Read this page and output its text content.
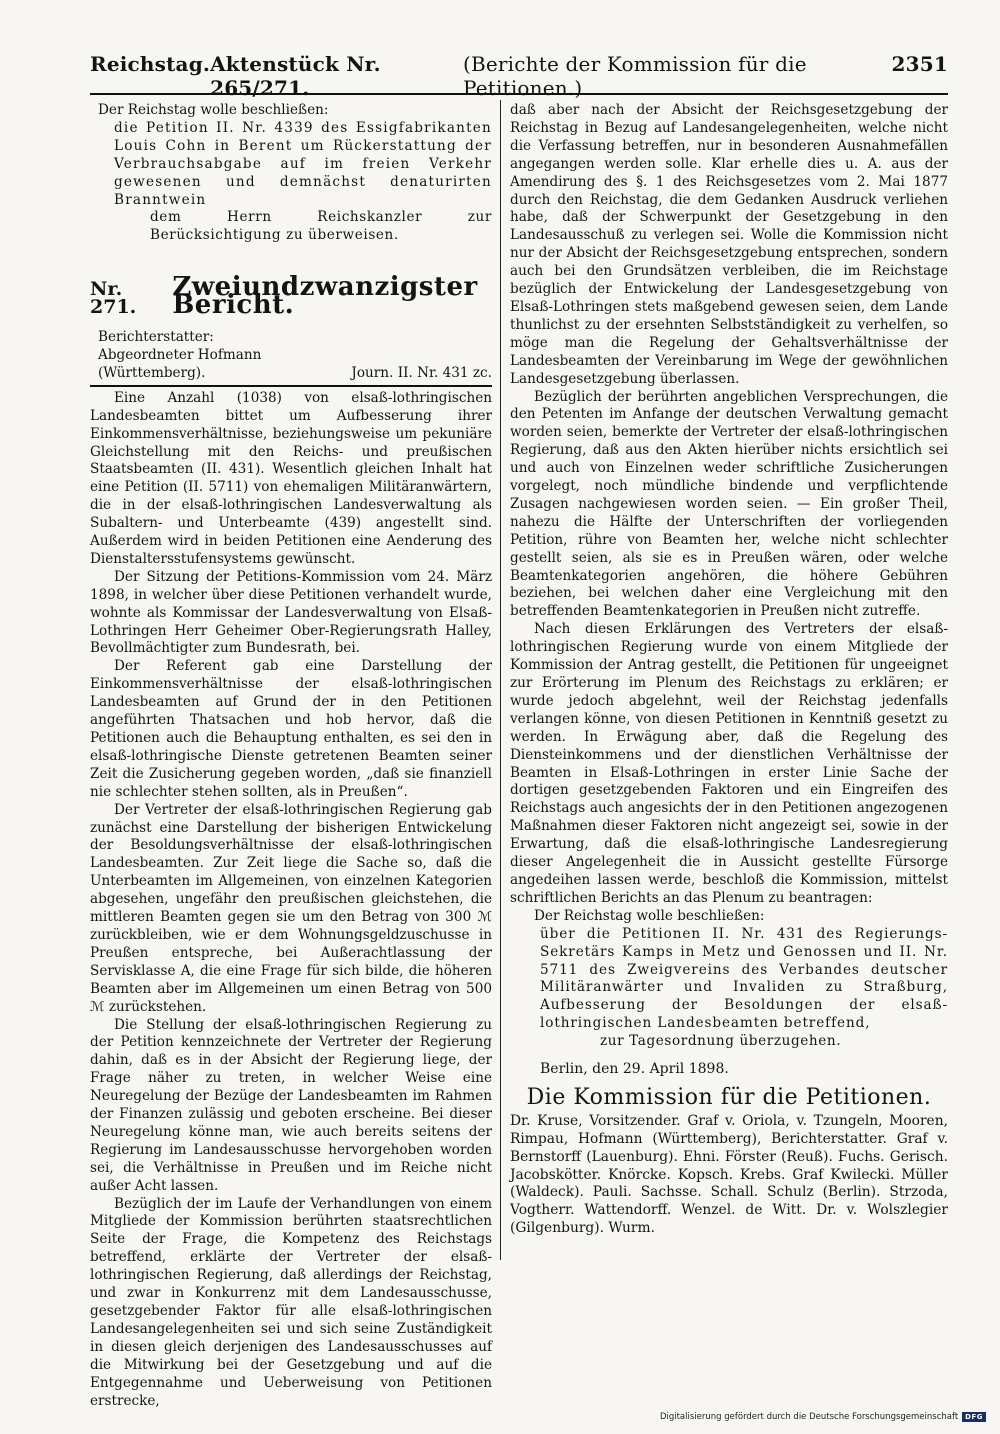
Reichstag. Aktenstück Nr. 265/271.
(Berichte der Kommission für die Petitionen.)
2351

Der Reichstag wolle beschließen:

die Petition II. Nr. 4339 des Essigfabrikanten Louis Cohn in Berent um Rückerstattung der Verbrauchsabgabe auf im freien Verkehr gewesenen und demnächst denaturirten Branntwein

dem Herrn Reichskanzler zur Berücksichtigung zu überweisen.

Nr. 271.
Zweiundzwanzigster Bericht.

Berichterstatter:

Abgeordneter Hofmann

(Württemberg).	Journ. II. Nr. 431 zc.

Eine Anzahl (1038) von elsaß-lothringischen Landesbeamten bittet um Aufbesserung ihrer Einkommensverhältnisse, beziehungsweise um pekuniäre Gleichstellung mit den Reichs- und preußischen Staatsbeamten (II. 431). Wesentlich gleichen Inhalt hat eine Petition (II. 5711) von ehemaligen Militäranwärtern, die in der elsaß-lothringischen Landesverwaltung als Subaltern- und Unterbeamte (439) angestellt sind. Außerdem wird in beiden Petitionen eine Aenderung des Dienstaltersstufensystems gewünscht.

Der Sitzung der Petitions-Kommission vom 24. März 1898, in welcher über diese Petitionen verhandelt wurde, wohnte als Kommissar der Landesverwaltung von Elsaß-Lothringen Herr Geheimer Ober-Regierungsrath Halley, Bevollmächtigter zum Bundesrath, bei.

Der Referent gab eine Darstellung der Einkommensverhältnisse der elsaß-lothringischen Landesbeamten auf Grund der in den Petitionen angeführten Thatsachen und hob hervor, daß die Petitionen auch die Behauptung enthalten, es sei den in elsaß-lothringische Dienste getretenen Beamten seiner Zeit die Zusicherung gegeben worden, „daß sie finanziell nie schlechter stehen sollten, als in Preußen“.

Der Vertreter der elsaß-lothringischen Regierung gab zunächst eine Darstellung der bisherigen Entwickelung der Besoldungsverhältnisse der elsaß-lothringischen Landesbeamten. Zur Zeit liege die Sache so, daß die Unterbeamten im Allgemeinen, von einzelnen Kategorien abgesehen, ungefähr den preußischen gleichstehen, die mittleren Beamten gegen sie um den Betrag von 300 ℳ zurückbleiben, wie er dem Wohnungsgeldzuschusse in Preußen entspreche, bei Außerachtlassung der Servisklasse A, die eine Frage für sich bilde, die höheren Beamten aber im Allgemeinen um einen Betrag von 500 ℳ zurückstehen.

Die Stellung der elsaß-lothringischen Regierung zu der Petition kennzeichnete der Vertreter der Regierung dahin, daß es in der Absicht der Regierung liege, der Frage näher zu treten, in welcher Weise eine Neuregelung der Bezüge der Landesbeamten im Rahmen der Finanzen zulässig und geboten erscheine. Bei dieser Neuregelung könne man, wie auch bereits seitens der Regierung im Landesausschusse hervorgehoben worden sei, die Verhältnisse in Preußen und im Reiche nicht außer Acht lassen.

Bezüglich der im Laufe der Verhandlungen von einem Mitgliede der Kommission berührten staatsrechtlichen Seite der Frage, die Kompetenz des Reichstags betreffend, erklärte der Vertreter der elsaß-lothringischen Regierung, daß allerdings der Reichstag, und zwar in Konkurrenz mit dem Landesausschusse, gesetzgebender Faktor für alle elsaß-lothringischen Landesangelegenheiten sei und sich seine Zuständigkeit in diesen gleich derjenigen des Landesausschusses auf die Mitwirkung bei der Gesetzgebung und auf die Entgegennahme und Ueberweisung von Petitionen erstrecke,

daß aber nach der Absicht der Reichsgesetzgebung der Reichstag in Bezug auf Landesangelegenheiten, welche nicht die Verfassung betreffen, nur in besonderen Ausnahmefällen angegangen werden solle. Klar erhelle dies u. A. aus der Amendirung des §. 1 des Reichsgesetzes vom 2. Mai 1877 durch den Reichstag, die dem Gedanken Ausdruck verliehen habe, daß der Schwerpunkt der Gesetzgebung in den Landesausschuß zu verlegen sei. Wolle die Kommission nicht nur der Absicht der Reichsgesetzgebung entsprechen, sondern auch bei den Grundsätzen verbleiben, die im Reichstage bezüglich der Entwickelung der Landesgesetzgebung von Elsaß-Lothringen stets maßgebend gewesen seien, dem Lande thunlichst zu der ersehnten Selbstständigkeit zu verhelfen, so möge man die Regelung der Gehaltsverhältnisse der Landesbeamten der Vereinbarung im Wege der gewöhnlichen Landesgesetzgebung überlassen.

Bezüglich der berührten angeblichen Versprechungen, die den Petenten im Anfange der deutschen Verwaltung gemacht worden seien, bemerkte der Vertreter der elsaß-lothringischen Regierung, daß aus den Akten hierüber nichts ersichtlich sei und auch von Einzelnen weder schriftliche Zusicherungen vorgelegt, noch mündliche bindende und verpflichtende Zusagen nachgewiesen worden seien. — Ein großer Theil, nahezu die Hälfte der Unterschriften der vorliegenden Petition, rühre von Beamten her, welche nicht schlechter gestellt seien, als sie es in Preußen wären, oder welche Beamtenkategorien angehören, die höhere Gebühren beziehen, bei welchen daher eine Vergleichung mit den betreffenden Beamtenkategorien in Preußen nicht zutreffe.

Nach diesen Erklärungen des Vertreters der elsaß-lothringischen Regierung wurde von einem Mitgliede der Kommission der Antrag gestellt, die Petitionen für ungeeignet zur Erörterung im Plenum des Reichstags zu erklären; er wurde jedoch abgelehnt, weil der Reichstag jedenfalls verlangen könne, von diesen Petitionen in Kenntniß gesetzt zu werden. In Erwägung aber, daß die Regelung des Diensteinkommens und der dienstlichen Verhältnisse der Beamten in Elsaß-Lothringen in erster Linie Sache der dortigen gesetzgebenden Faktoren und ein Eingreifen des Reichstags auch angesichts der in den Petitionen angezogenen Maßnahmen dieser Faktoren nicht angezeigt sei, sowie in der Erwartung, daß die elsaß-lothringische Landesregierung dieser Angelegenheit die in Aussicht gestellte Fürsorge angedeihen lassen werde, beschloß die Kommission, mittelst schriftlichen Berichts an das Plenum zu beantragen:

Der Reichstag wolle beschließen:

über die Petitionen II. Nr. 431 des Regierungs-Sekretärs Kamps in Metz und Genossen und II. Nr. 5711 des Zweigvereins des Verbandes deutscher Militäranwärter und Invaliden zu Straßburg, Aufbesserung der Besoldungen der elsaß-lothringischen Landesbeamten betreffend,

zur Tagesordnung überzugehen.

Berlin, den 29. April 1898.

Die Kommission für die Petitionen.

Dr. Kruse, Vorsitzender. Graf v. Oriola, v. Tzungeln, Mooren, Rimpau, Hofmann (Württemberg), Berichterstatter. Graf v. Bernstorff (Lauenburg). Ehni. Förster (Reuß). Fuchs. Gerisch. Jacobskötter. Knörcke. Kopsch. Krebs. Graf Kwilecki. Müller (Waldeck). Pauli. Sachsse. Schall. Schulz (Berlin). Strzoda, Vogtherr. Wattendorff. Wenzel. de Witt. Dr. v. Wolszlegier (Gilgenburg). Wurm.

Digitalisierung gefördert durch die Deutsche Forschungsgemeinschaft	DFG
